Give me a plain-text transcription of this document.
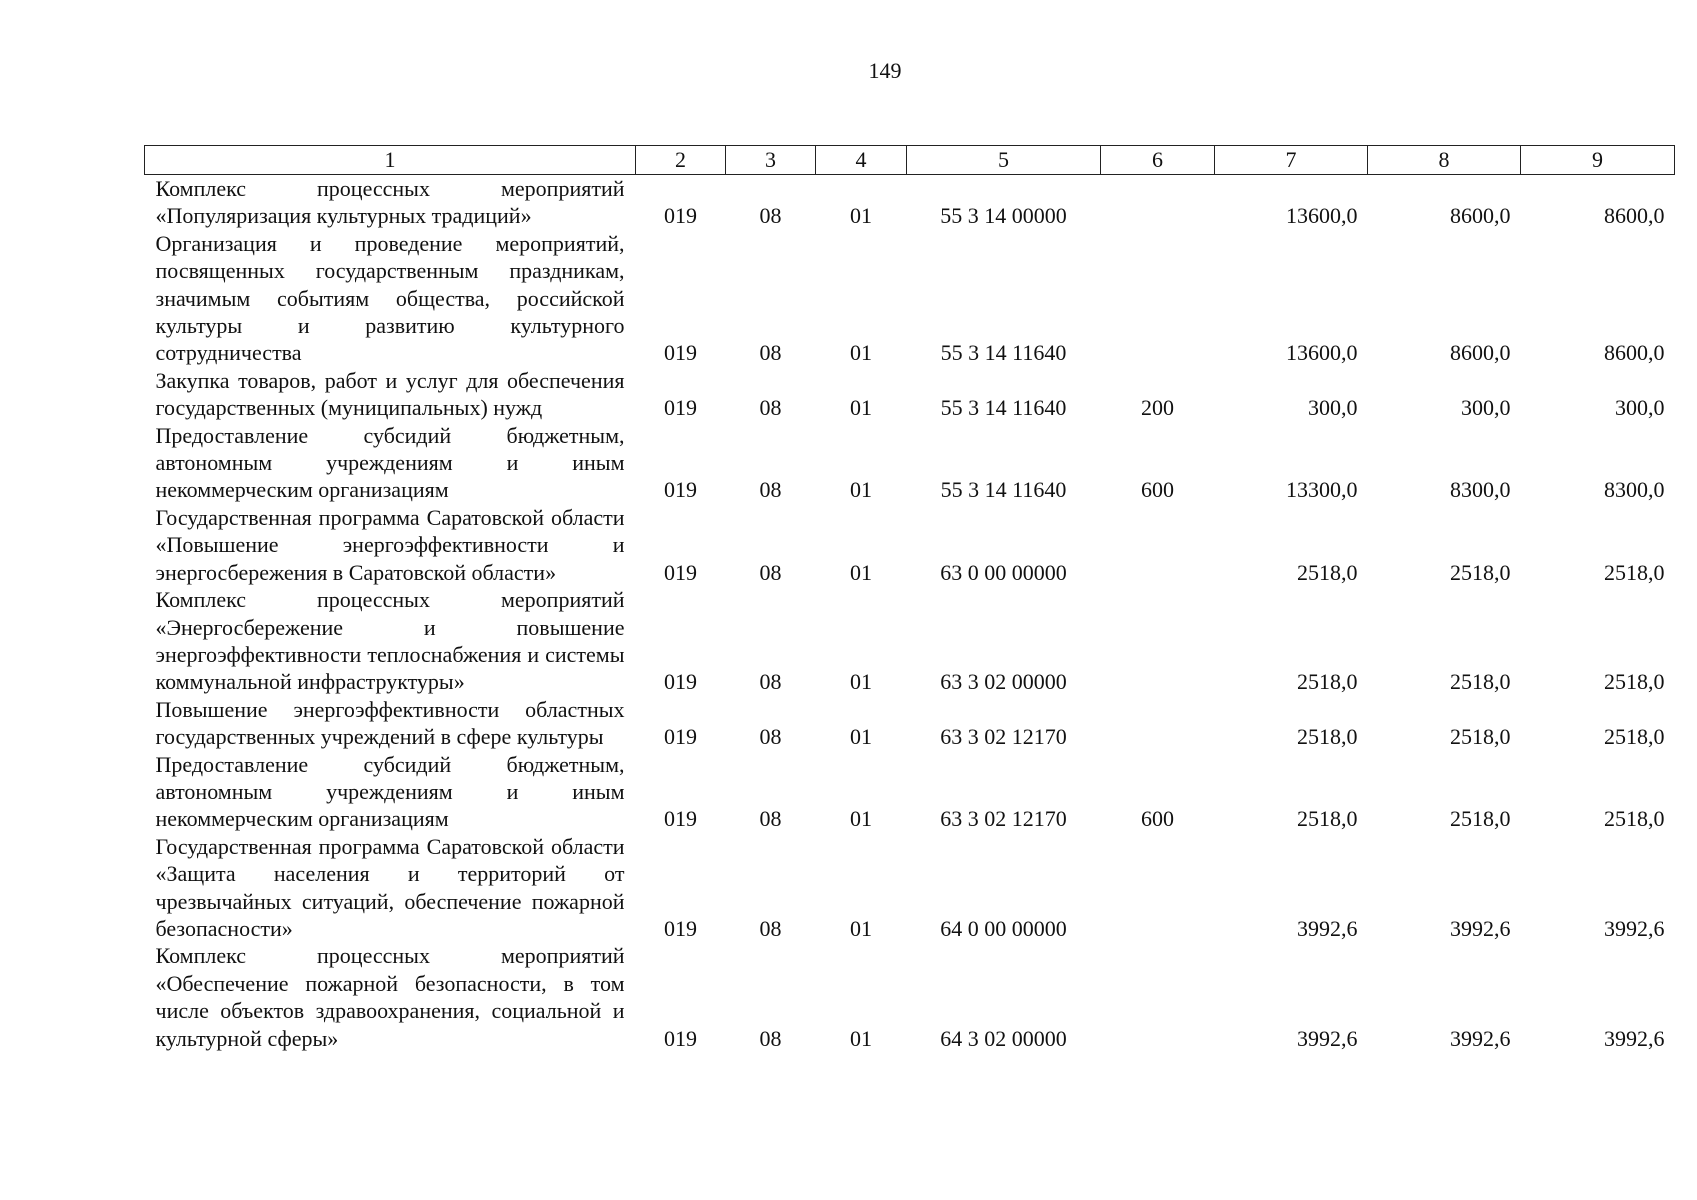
149
1	2	3	4	5	6	7	8	9
Комплекс процессных мероприятий «Популяризация культурных традиций»	019	08	01	55 3 14 00000		13600,0	8600,0	8600,0
Организация и проведение мероприятий, посвященных государственным праздникам, значимым событиям общества, российской культуры и развитию культурного сотрудничества	019	08	01	55 3 14 11640		13600,0	8600,0	8600,0
Закупка товаров, работ и услуг для обеспечения государственных (муниципальных) нужд	019	08	01	55 3 14 11640	200	300,0	300,0	300,0
Предоставление субсидий бюджетным, автономным учреждениям и иным некоммерческим организациям	019	08	01	55 3 14 11640	600	13300,0	8300,0	8300,0
Государственная программа Саратовской области «Повышение энергоэффективности и энергосбережения в Саратовской области»	019	08	01	63 0 00 00000		2518,0	2518,0	2518,0
Комплекс процессных мероприятий «Энергосбережение и повышение энергоэффективности теплоснабжения и системы коммунальной инфраструктуры»	019	08	01	63 3 02 00000		2518,0	2518,0	2518,0
Повышение энергоэффективности областных государственных учреждений в сфере культуры	019	08	01	63 3 02 12170		2518,0	2518,0	2518,0
Предоставление субсидий бюджетным, автономным учреждениям и иным некоммерческим организациям	019	08	01	63 3 02 12170	600	2518,0	2518,0	2518,0
Государственная программа Саратовской области «Защита населения и территорий от чрезвычайных ситуаций, обеспечение пожарной безопасности»	019	08	01	64 0 00 00000		3992,6	3992,6	3992,6
Комплекс процессных мероприятий «Обеспечение пожарной безопасности, в том числе объектов здравоохранения, социальной и культурной сферы»	019	08	01	64 3 02 00000		3992,6	3992,6	3992,6
